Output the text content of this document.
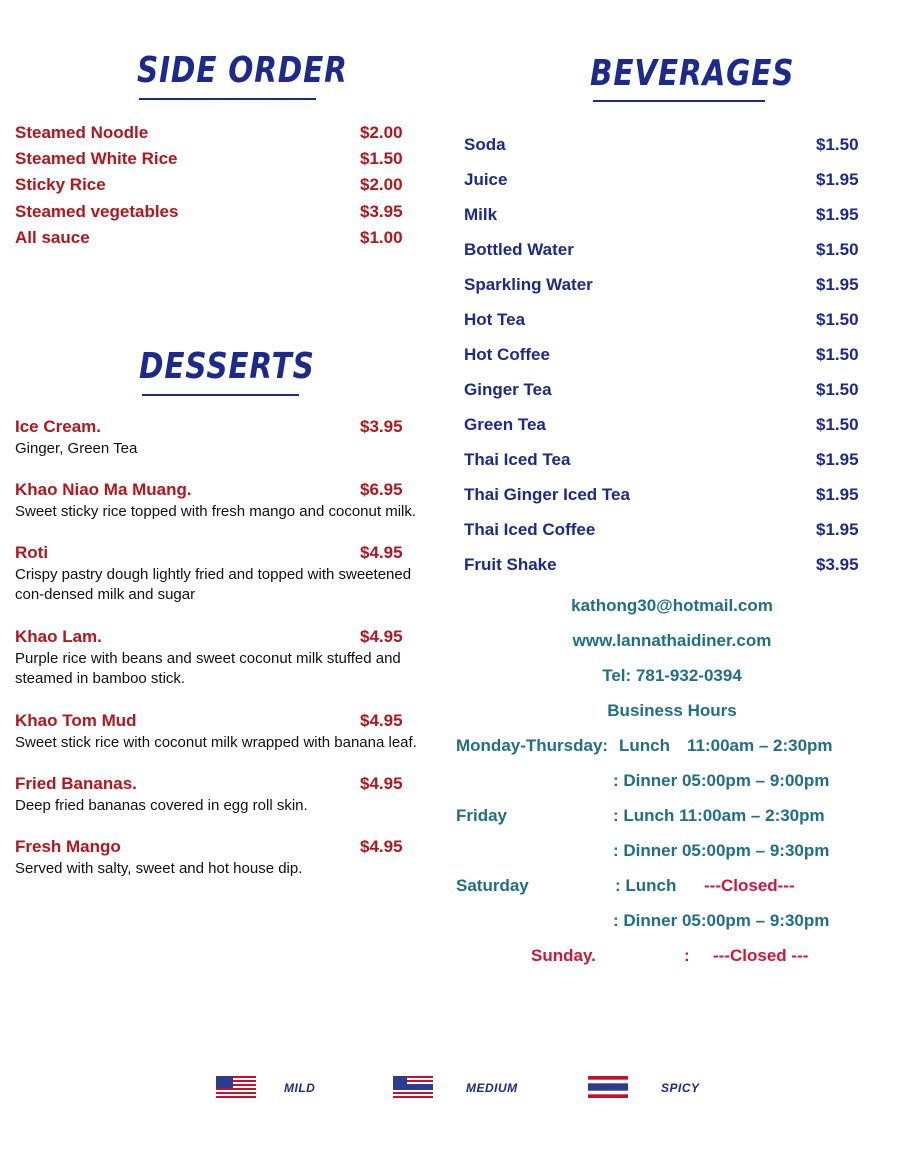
SIDE ORDER
Steamed Noodle	$2.00
Steamed White Rice	$1.50
Sticky Rice	$2.00
Steamed vegetables	$3.95
All sauce	$1.00
DESSERTS
Ice Cream.	$3.95
Ginger, Green Tea
Khao Niao Ma Muang.	$6.95
Sweet sticky rice topped with fresh mango and coconut milk.
Roti	$4.95
Crispy pastry dough lightly fried and topped with sweetened con-densed milk and sugar
Khao Lam.	$4.95
Purple rice with beans and sweet coconut milk stuffed and steamed in bamboo stick.
Khao Tom Mud	$4.95
Sweet stick rice with coconut milk wrapped with banana leaf.
Fried Bananas.	$4.95
Deep fried bananas covered in egg roll skin.
Fresh Mango	$4.95
Served with salty, sweet and hot house dip.
BEVERAGES
Soda	$1.50
Juice	$1.95
Milk	$1.95
Bottled Water	$1.50
Sparkling Water	$1.95
Hot Tea	$1.50
Hot Coffee	$1.50
Ginger Tea	$1.50
Green Tea	$1.50
Thai Iced Tea	$1.95
Thai Ginger Iced Tea	$1.95
Thai Iced Coffee	$1.95
Fruit Shake	$3.95
kathong30@hotmail.com
www.lannathaidiner.com
Tel: 781-932-0394
Business Hours
Monday-Thursday: Lunch 11:00am – 2:30pm
: Dinner 05:00pm – 9:00pm
Friday	: Lunch 11:00am – 2:30pm
: Dinner 05:00pm – 9:30pm
Saturday	: Lunch ---Closed---
: Dinner 05:00pm – 9:30pm
Sunday.	: ---Closed ---
MILD	MEDIUM	SPICY
